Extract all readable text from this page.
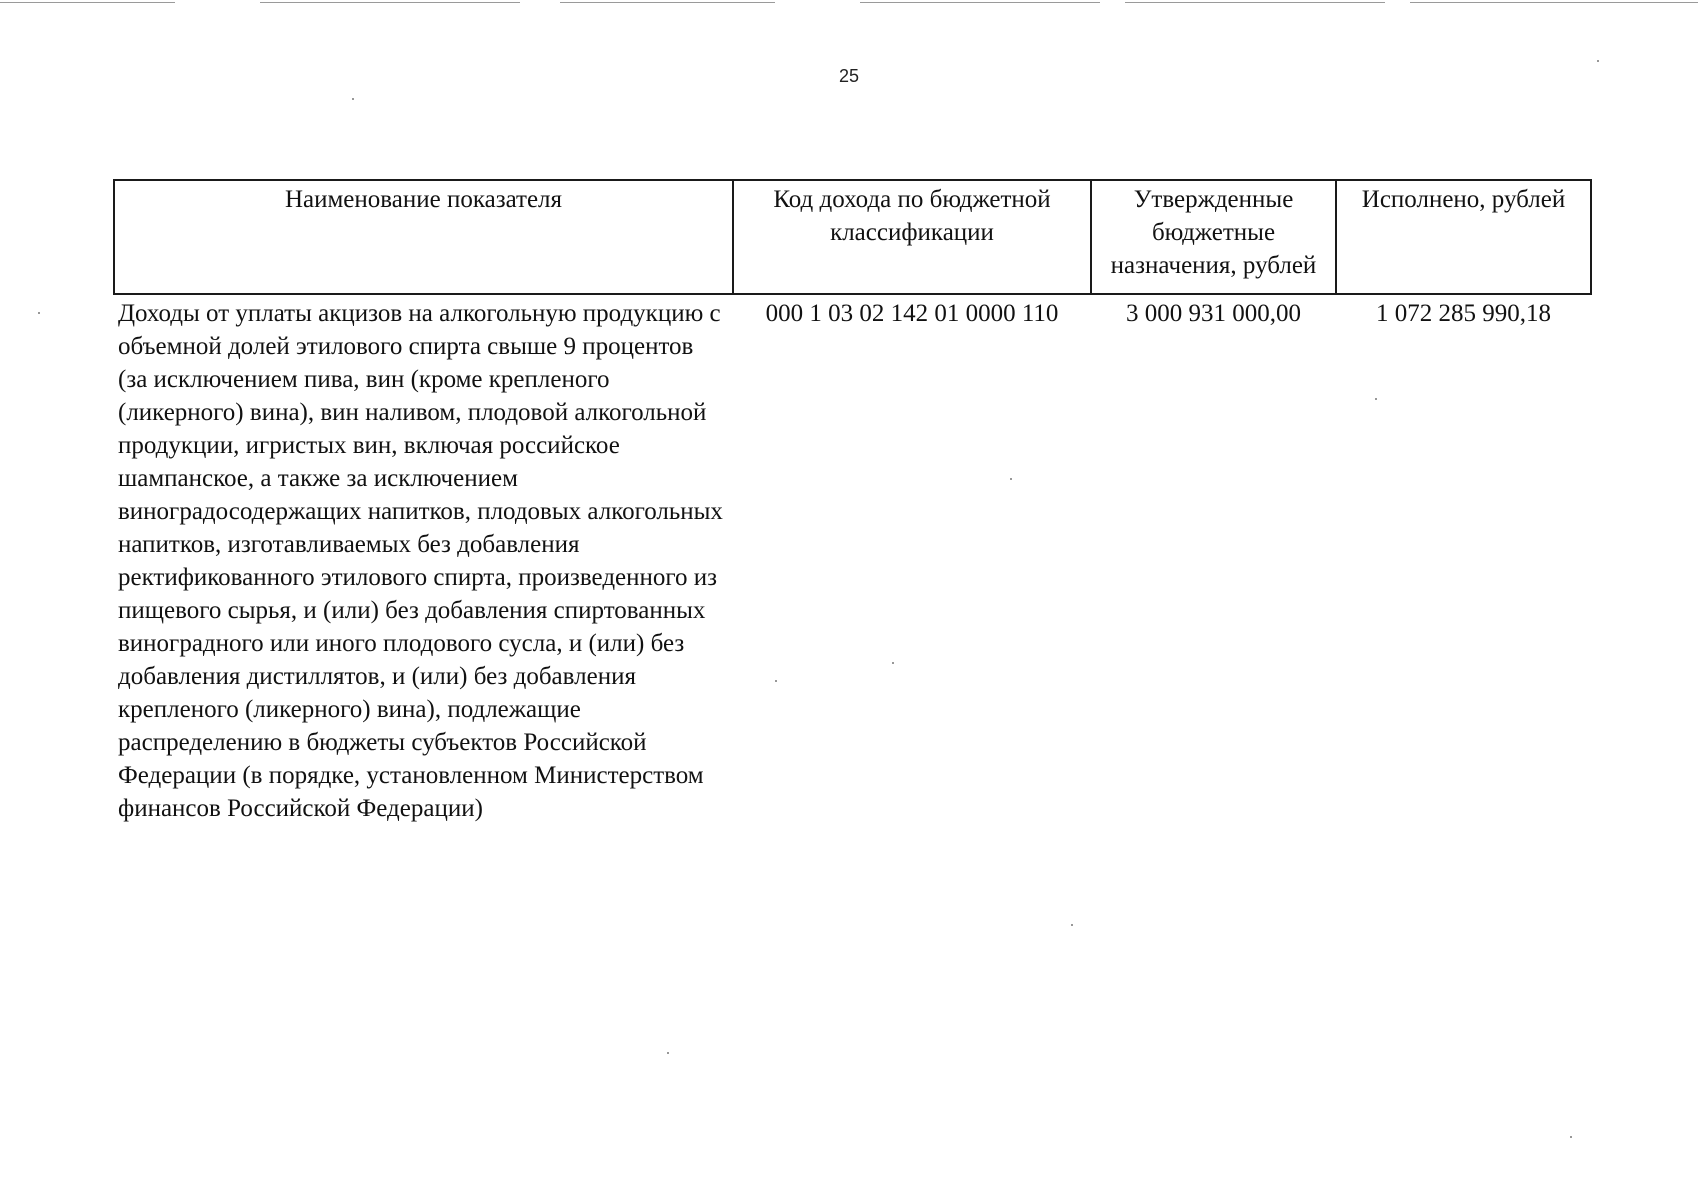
25
Наименование показателя	Код дохода по бюджетной классификации	Утвержденные бюджетные назначения, рублей	Исполнено, рублей
Доходы от уплаты акцизов на алкогольную продукцию с объемной долей этилового спирта свыше 9 процентов (за исключением пива, вин (кроме крепленого (ликерного) вина), вин наливом, плодовой алкогольной продукции, игристых вин, включая российское шампанское, а также за исключением виноградосодержащих напитков, плодовых алкогольных напитков, изготавливаемых без добавления ректификованного этилового спирта, произведенного из пищевого сырья, и (или) без добавления спиртованных виноградного или иного плодового сусла, и (или) без добавления дистиллятов, и (или) без добавления крепленого (ликерного) вина), подлежащие распределению в бюджеты субъектов Российской Федерации (в порядке, установленном Министерством финансов Российской Федерации)	000 1 03 02 142 01 0000 110	3 000 931 000,00	1 072 285 990,18
